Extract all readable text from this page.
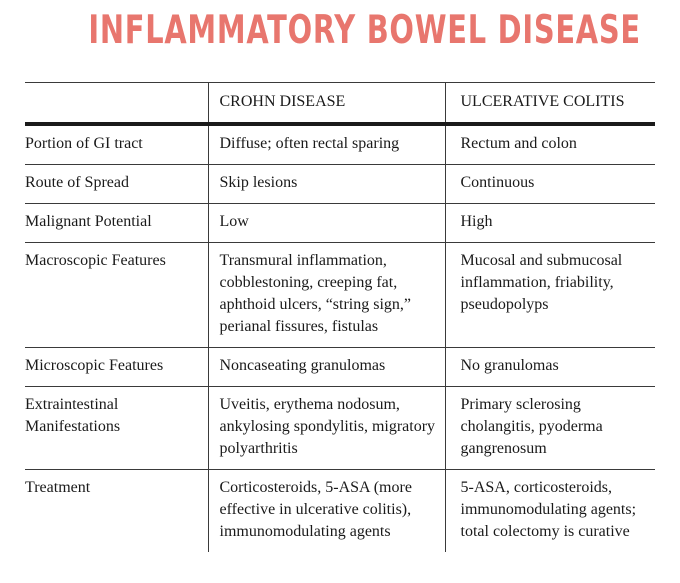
INFLAMMATORY BOWEL DISEASE
	CROHN DISEASE	ULCERATIVE COLITIS
Portion of GI tract	Diffuse; often rectal sparing	Rectum and colon
Route of Spread	Skip lesions	Continuous
Malignant Potential	Low	High
Macroscopic Features	Transmural inflammation, cobblestoning, creeping fat, aphthoid ulcers, “string sign,” perianal fissures, fistulas	Mucosal and submucosal inflammation, friability, pseudopolyps
Microscopic Features	Noncaseating granulomas	No granulomas
Extraintestinal Manifestations	Uveitis, erythema nodosum, ankylosing spondylitis, migratory polyarthritis	Primary sclerosing cholangitis, pyoderma gangrenosum
Treatment	Corticosteroids, 5-ASA (more effective in ulcerative colitis), immunomodulating agents	5-ASA, corticosteroids, immunomodulating agents; total colectomy is curative
